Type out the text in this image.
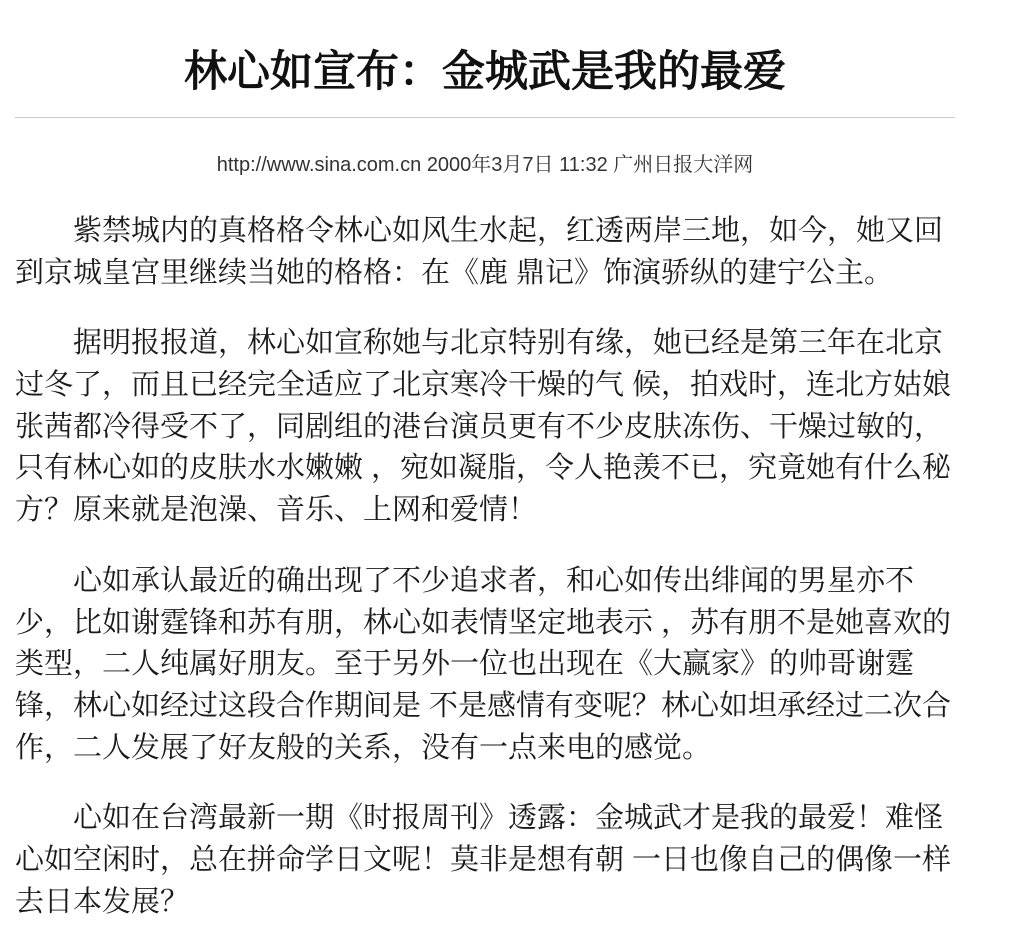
林心如宣布：金城武是我的最爱
http://www.sina.com.cn 2000年3月7日 11:32 广州日报大洋网
紫禁城内的真格格令林心如风生水起，红透两岸三地，如今，她又回
到京城皇宫里继续当她的格格：在《鹿 鼎记》饰演骄纵的建宁公主。
据明报报道，林心如宣称她与北京特别有缘，她已经是第三年在北京
过冬了，而且已经完全适应了北京寒冷干燥的气 候，拍戏时，连北方姑娘
张茜都冷得受不了，同剧组的港台演员更有不少皮肤冻伤、干燥过敏的，
只有林心如的皮肤水水嫩嫩 ，宛如凝脂，令人艳羡不已，究竟她有什么秘
方？原来就是泡澡、音乐、上网和爱情！
心如承认最近的确出现了不少追求者，和心如传出绯闻的男星亦不
少，比如谢霆锋和苏有朋，林心如表情坚定地表示 ，苏有朋不是她喜欢的
类型，二人纯属好朋友。至于另外一位也出现在《大赢家》的帅哥谢霆
锋，林心如经过这段合作期间是 不是感情有变呢？林心如坦承经过二次合
作，二人发展了好友般的关系，没有一点来电的感觉。
心如在台湾最新一期《时报周刊》透露：金城武才是我的最爱！难怪
心如空闲时，总在拼命学日文呢！莫非是想有朝 一日也像自己的偶像一样
去日本发展？
